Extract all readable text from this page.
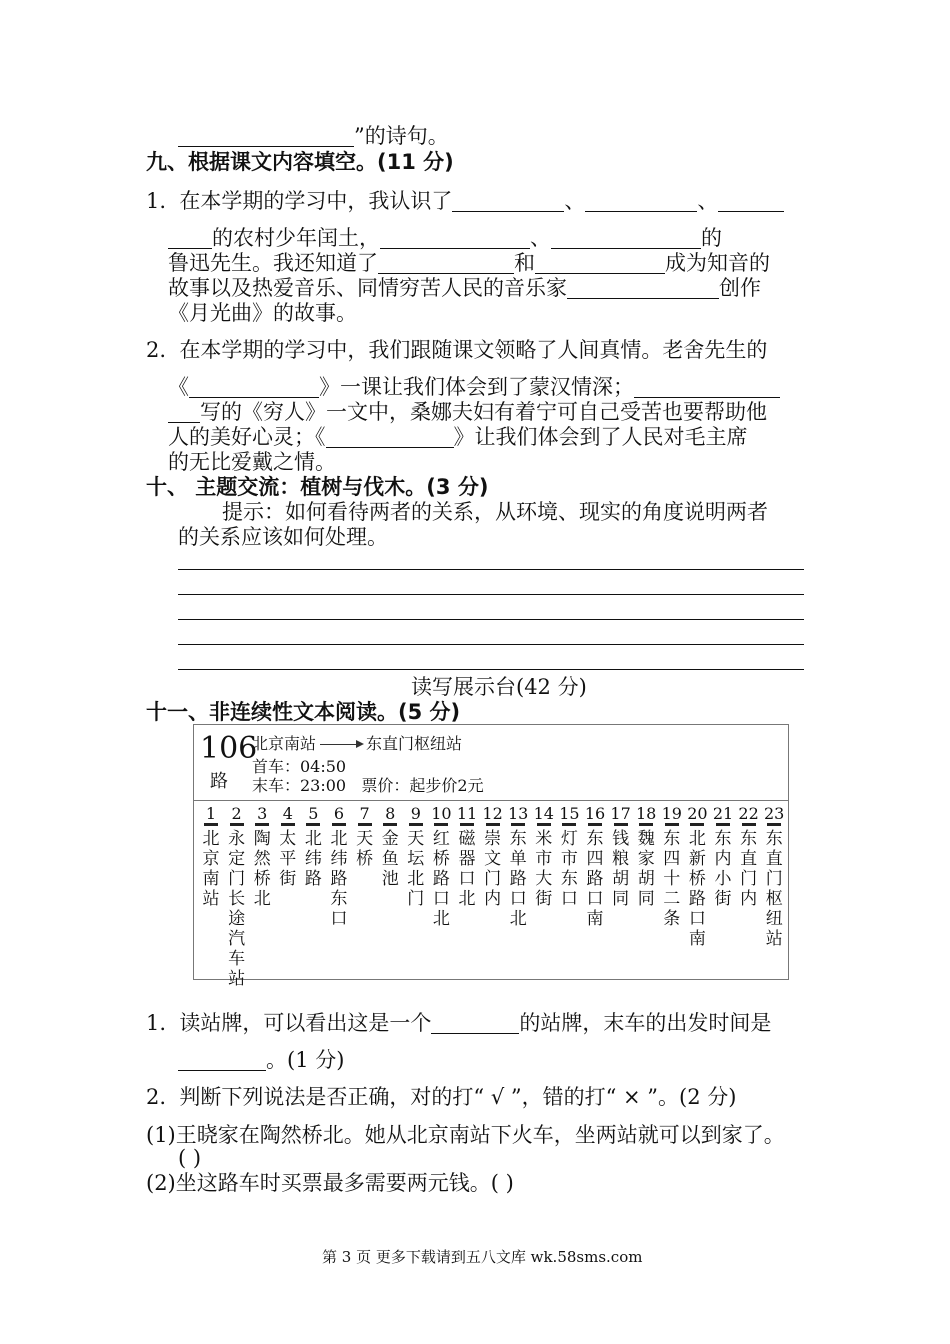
”的诗句。
九、根据课文内容填空。(11 分)
1. 在本学期的学习中，我认识了	、	、
的农村少年闰土，	、	的
鲁迅先生。我还知道了	和	成为知音的
故事以及热爱音乐、同情穷苦人民的音乐家	创作
《月光曲》的故事。
2. 在本学期的学习中，我们跟随课文领略了人间真情。老舍先生的
《	》一课让我们体会到了蒙汉情深；
写的《穷人》一文中，桑娜夫妇有着宁可自己受苦也要帮助他
人的美好心灵；《	》让我们体会到了人民对毛主席
的无比爱戴之情。
十、 主题交流：植树与伐木。(3 分)
提示：如何看待两者的关系，从环境、现实的角度说明两者
的关系应该如何处理。
读写展示台(42 分)
十一、非连续性文本阅读。(5 分)
106
路
北京南站	东直门枢纽站
首车：04:50
末车：23:00 票价：起步价2元
1
北京南站
2
永定门长途汽车站
3
陶然桥北
4
太平街
5
北纬路
6
北纬路东口
7
天桥
8
金鱼池
9
天坛北门
10
红桥路口北
11
磁器口北
12
崇文门内
13
东单路口北
14
米市大街
15
灯市东口
16
东四路口南
17
钱粮胡同
18
魏家胡同
19
东四十二条
20
北新桥路口南
21
东内小街
22
东直门内
23
东直门枢纽站
1. 读站牌，可以看出这是一个	的站牌，末车的出发时间是
。(1 分)
2. 判断下列说法是否正确，对的打“ √ ”，错的打“ × ”。(2 分)
(1)王晓家在陶然桥北。她从北京南站下火车，坐两站就可以到家了。
( )
(2)坐这路车时买票最多需要两元钱。( )
第 3 页 更多下载请到五八文库 wk.58sms.com
